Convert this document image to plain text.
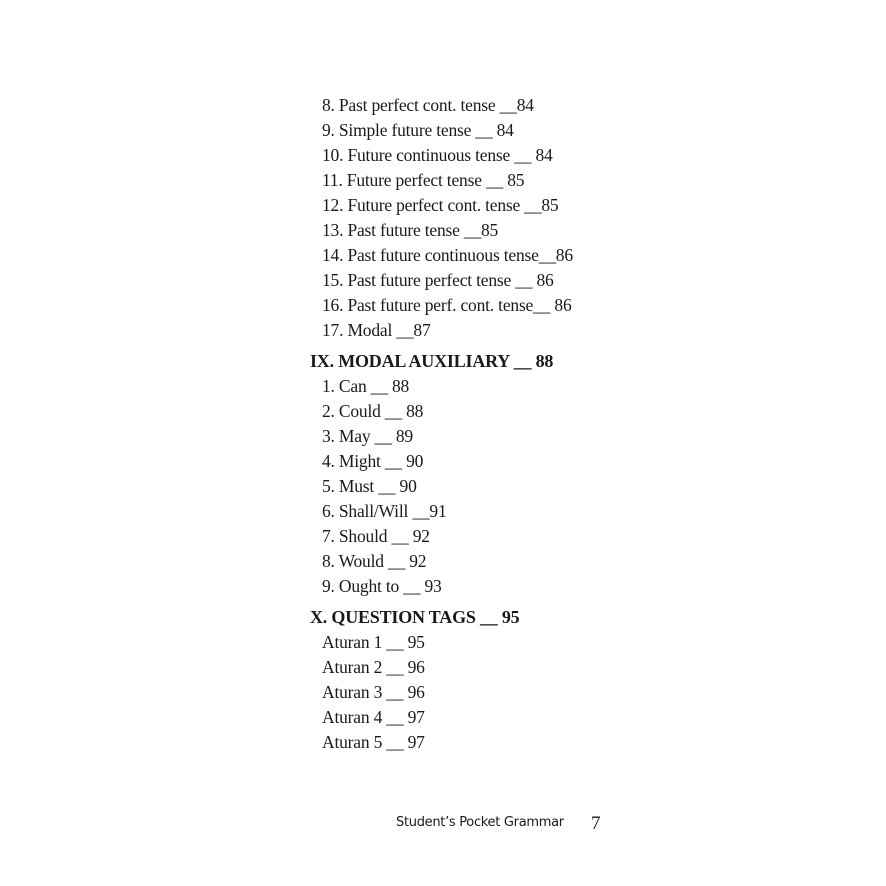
8. Past perfect cont. tense __84
9. Simple future tense __ 84
10. Future continuous tense __ 84
11. Future perfect tense __ 85
12. Future perfect cont. tense __85
13. Past future tense __85
14. Past future continuous tense__86
15. Past future perfect tense __ 86
16. Past future perf. cont. tense__ 86
17. Modal __87
IX. MODAL AUXILIARY __ 88
1. Can __ 88
2. Could __ 88
3. May __ 89
4. Might __ 90
5. Must __ 90
6. Shall/Will __91
7. Should __ 92
8. Would __ 92
9. Ought to __ 93
X. QUESTION TAGS __ 95
Aturan 1 __ 95
Aturan 2 __ 96
Aturan 3 __ 96
Aturan 4 __ 97
Aturan 5 __ 97
Student’s Pocket Grammar 7
